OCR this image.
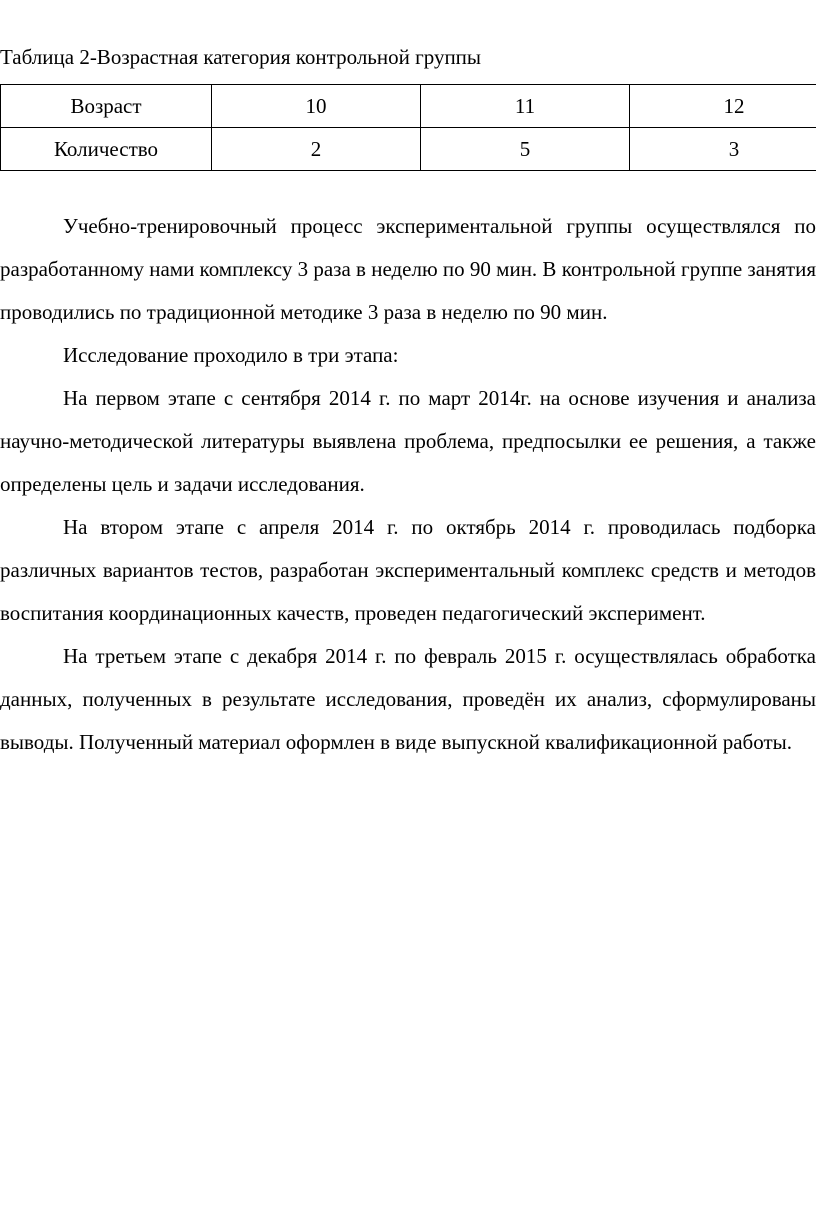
Таблица 2-Возрастная категория контрольной группы
Возраст	10	11	12
Количество	2	5	3

Учебно-тренировочный процесс экспериментальной группы осуществлялся по разработанному нами комплексу 3 раза в неделю по 90 мин. В контрольной группе занятия проводились по традиционной методике 3 раза в неделю по 90 мин.

Исследование проходило в три этапа:

На первом этапе с сентября 2014 г. по март 2014г. на основе изучения и анализа научно-методической литературы выявлена проблема, предпосылки ее решения, а также определены цель и задачи исследования.

На втором этапе с апреля 2014 г. по октябрь 2014 г. проводилась подборка различных вариантов тестов, разработан экспериментальный комплекс средств и методов воспитания координационных качеств, проведен педагогический эксперимент.

На третьем этапе с декабря 2014 г. по февраль 2015 г. осуществлялась обработка данных, полученных в результате исследования, проведён их анализ, сформулированы выводы. Полученный материал оформлен в виде выпускной квалификационной работы.
